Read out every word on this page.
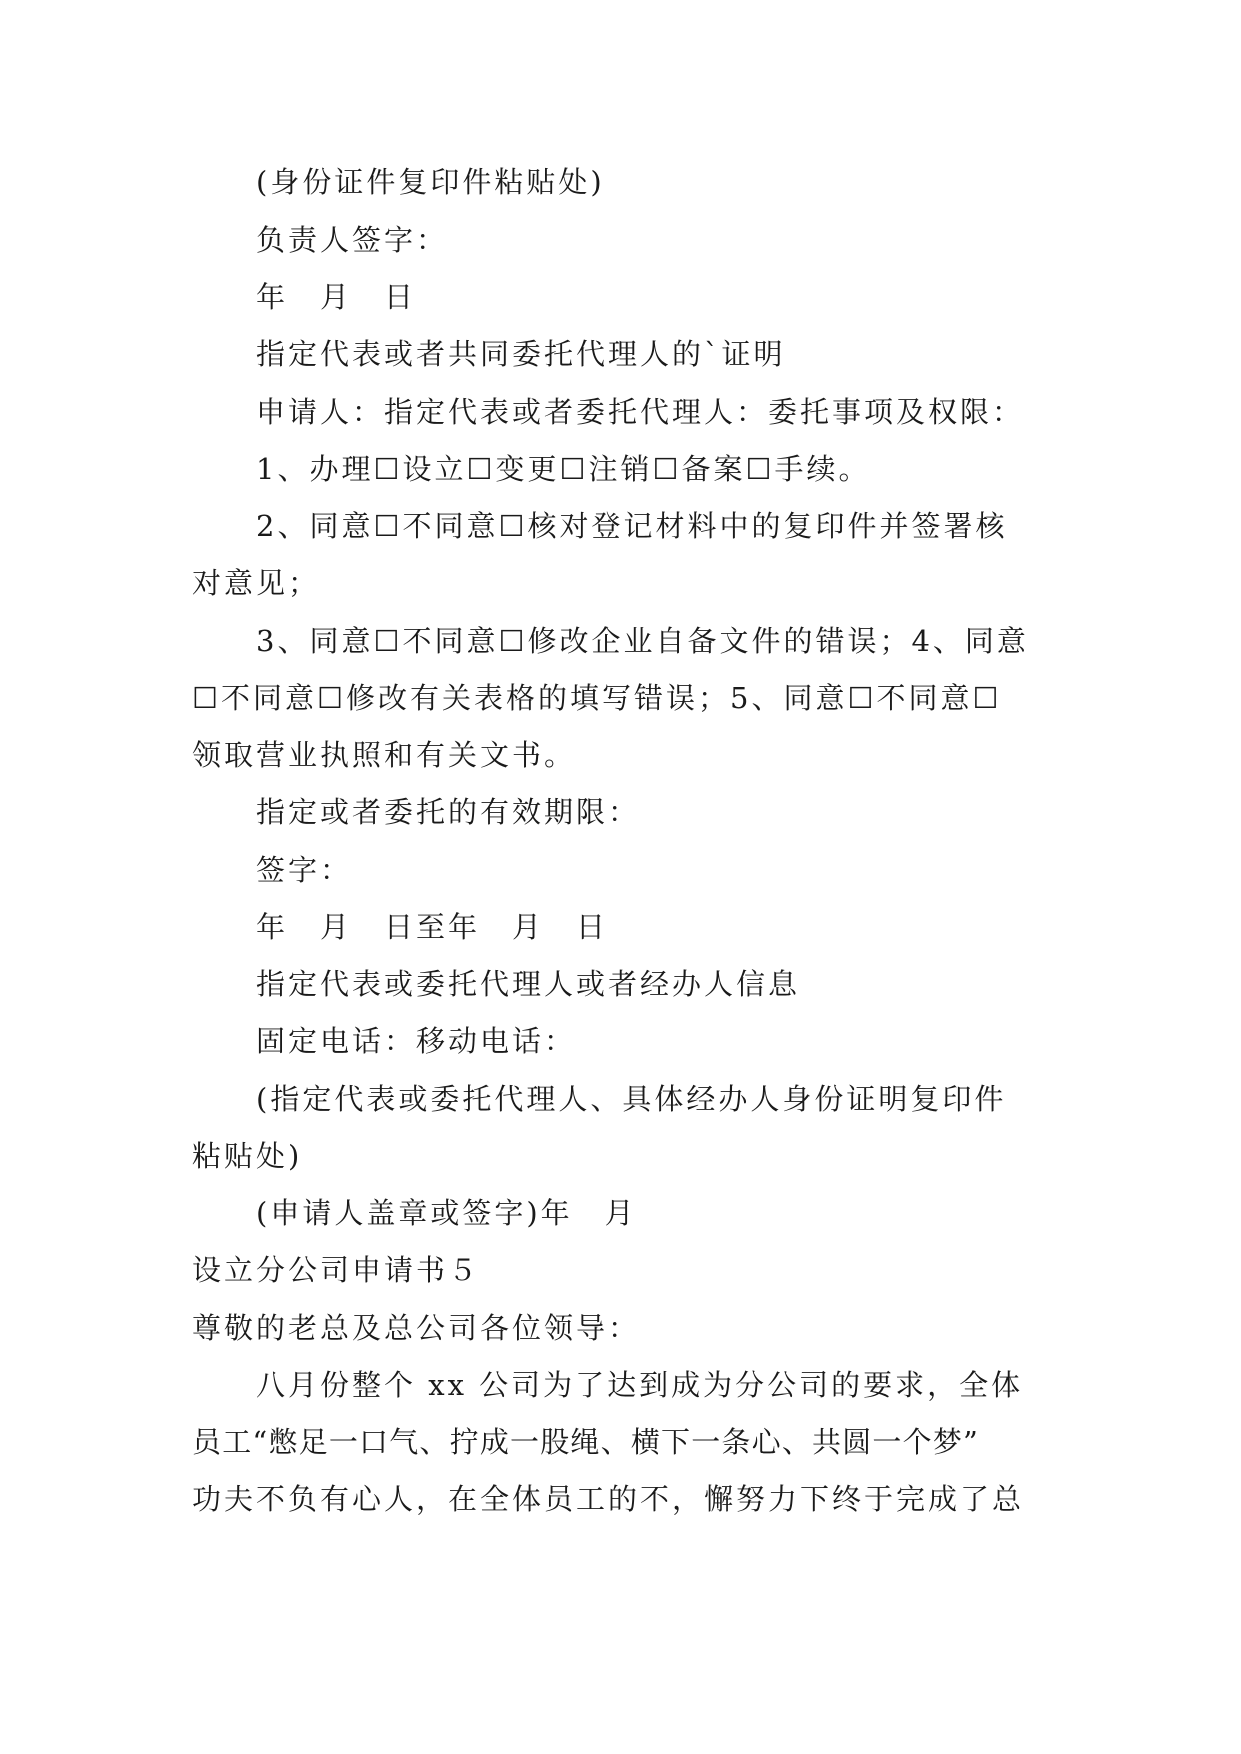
(身份证件复印件粘贴处)
负责人签字：
年　月　日
指定代表或者共同委托代理人的`证明
申请人：指定代表或者委托代理人：委托事项及权限：
1、办理☐设立☐变更☐注销☐备案☐手续。
2、同意☐不同意☐核对登记材料中的复印件并签署核
对意见；
3、同意☐不同意☐修改企业自备文件的错误；4、同意
☐不同意☐修改有关表格的填写错误；5、同意☐不同意☐
领取营业执照和有关文书。
指定或者委托的有效期限：
签字：
年　月　日至年　月　日
指定代表或委托代理人或者经办人信息
固定电话：移动电话：
(指定代表或委托代理人、具体经办人身份证明复印件
粘贴处)
(申请人盖章或签字)年　月
设立分公司申请书５
尊敬的老总及总公司各位领导：
八月份整个 xx 公司为了达到成为分公司的要求，全体
员工“憋足一口气、拧成一股绳、横下一条心、共圆一个梦”
功夫不负有心人，在全体员工的不，懈努力下终于完成了总
